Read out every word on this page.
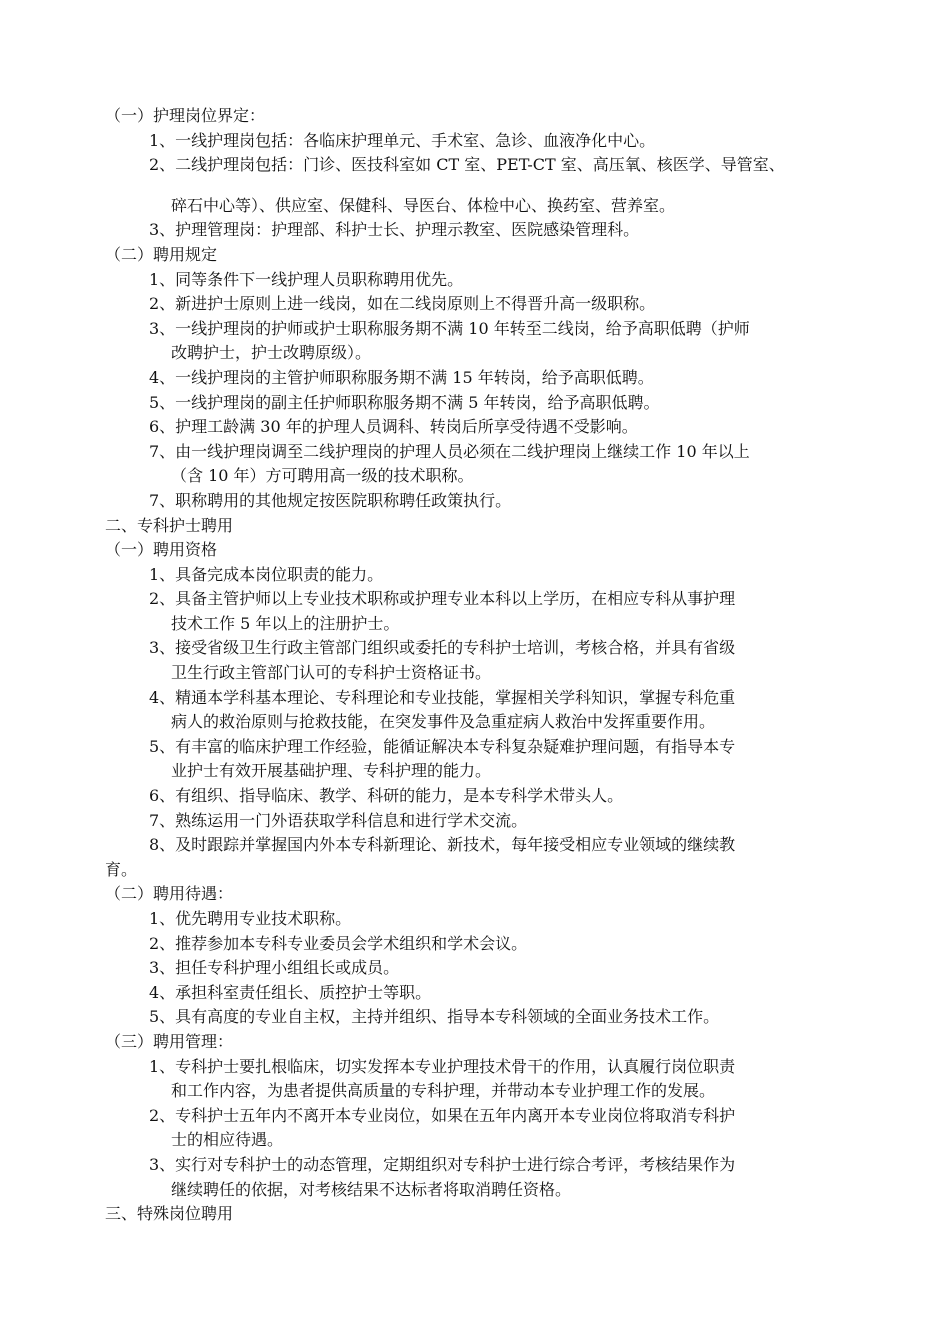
（一）护理岗位界定：
1、一线护理岗包括：各临床护理单元、手术室、急诊、血液净化中心。
2、二线护理岗包括：门诊、医技科室如 CT 室、PET-CT 室、高压氧、核医学、导管室、
碎石中心等）、供应室、保健科、导医台、体检中心、换药室、营养室。
3、护理管理岗：护理部、科护士长、护理示教室、医院感染管理科。
（二）聘用规定
1、同等条件下一线护理人员职称聘用优先。
2、新进护士原则上进一线岗，如在二线岗原则上不得晋升高一级职称。
3、一线护理岗的护师或护士职称服务期不满 10 年转至二线岗，给予高职低聘（护师
改聘护士，护士改聘原级）。
4、一线护理岗的主管护师职称服务期不满 15 年转岗，给予高职低聘。
5、一线护理岗的副主任护师职称服务期不满 5 年转岗，给予高职低聘。
6、护理工龄满 30 年的护理人员调科、转岗后所享受待遇不受影响。
7、由一线护理岗调至二线护理岗的护理人员必须在二线护理岗上继续工作 10 年以上
（含 10 年）方可聘用高一级的技术职称。
7、职称聘用的其他规定按医院职称聘任政策执行。
二、专科护士聘用
（一）聘用资格
1、具备完成本岗位职责的能力。
2、具备主管护师以上专业技术职称或护理专业本科以上学历，在相应专科从事护理
技术工作 5 年以上的注册护士。
3、接受省级卫生行政主管部门组织或委托的专科护士培训，考核合格，并具有省级
卫生行政主管部门认可的专科护士资格证书。
4、精通本学科基本理论、专科理论和专业技能，掌握相关学科知识，掌握专科危重
病人的救治原则与抢救技能，在突发事件及急重症病人救治中发挥重要作用。
5、有丰富的临床护理工作经验，能循证解决本专科复杂疑难护理问题，有指导本专
业护士有效开展基础护理、专科护理的能力。
6、有组织、指导临床、教学、科研的能力，是本专科学术带头人。
7、熟练运用一门外语获取学科信息和进行学术交流。
8、及时跟踪并掌握国内外本专科新理论、新技术，每年接受相应专业领域的继续教
育。
（二）聘用待遇：
1、优先聘用专业技术职称。
2、推荐参加本专科专业委员会学术组织和学术会议。
3、担任专科护理小组组长或成员。
4、承担科室责任组长、质控护士等职。
5、具有高度的专业自主权，主持并组织、指导本专科领域的全面业务技术工作。
（三）聘用管理：
1、专科护士要扎根临床，切实发挥本专业护理技术骨干的作用，认真履行岗位职责
和工作内容，为患者提供高质量的专科护理，并带动本专业护理工作的发展。
2、专科护士五年内不离开本专业岗位，如果在五年内离开本专业岗位将取消专科护
士的相应待遇。
3、实行对专科护士的动态管理，定期组织对专科护士进行综合考评，考核结果作为
继续聘任的依据，对考核结果不达标者将取消聘任资格。
三、特殊岗位聘用
